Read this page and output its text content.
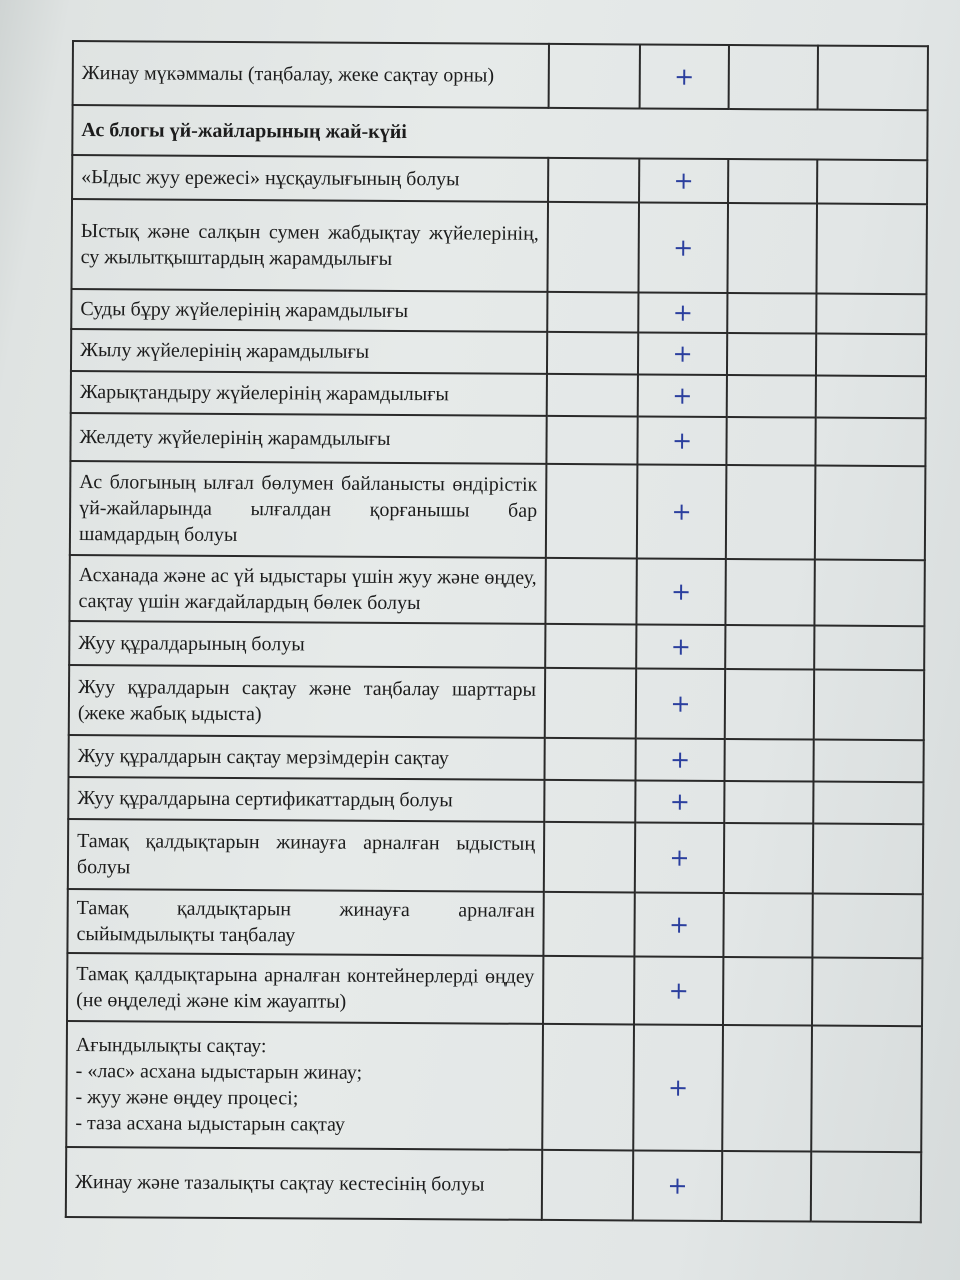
Жинау мүкәммалы (таңбалау, жеке сақтау орны)		+		
Ас блогы үй-жайларының жай-күйі				
«Ыдыс жуу ережесі» нұсқаулығының болуы		+		
Ыстық және салқын сумен жабдықтау жүйелерінің, су жылытқыштардың жарамдылығы		+		
Суды бұру жүйелерінің жарамдылығы		+		
Жылу жүйелерінің жарамдылығы		+		
Жарықтандыру жүйелерінің жарамдылығы		+		
Желдету жүйелерінің жарамдылығы		+		
Ас блогының ылғал бөлумен байланысты өндірістік үй-жайларында ылғалдан қорғанышы бар шамдардың болуы		+		
Асханада және ас үй ыдыстары үшін жуу және өңдеу, сақтау үшін жағдайлардың бөлек болуы		+		
Жуу құралдарының болуы		+		
Жуу құралдарын сақтау және таңбалау шарттары (жеке жабық ыдыста)		+		
Жуу құралдарын сақтау мерзімдерін сақтау		+		
Жуу құралдарына сертификаттардың болуы		+		
Тамақ қалдықтарын жинауға арналған ыдыстың болуы		+		
Тамақ қалдықтарын жинауға арналған сыйымдылықты таңбалау		+		
Тамақ қалдықтарына арналған контейнерлерді өңдеу (не өңделеді және кім жауапты)		+		

Ағындылықты сақтау:
- «лас» асхана ыдыстарын жинау;
- жуу және өңдеу процесі;
- таза асхана ыдыстарын сақтау		+		
Жинау және тазалықты сақтау кестесінің болуы		+		
